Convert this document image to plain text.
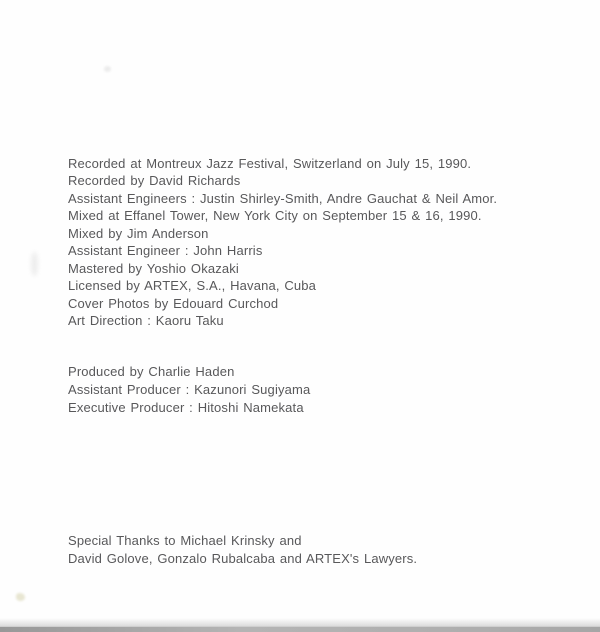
Recorded at Montreux Jazz Festival, Switzerland on July 15, 1990.

Recorded by David Richards

Assistant Engineers : Justin Shirley-Smith, Andre Gauchat & Neil Amor.

Mixed at Effanel Tower, New York City on September 15 & 16, 1990.

Mixed by Jim Anderson

Assistant Engineer : John Harris

Mastered by Yoshio Okazaki

Licensed by ARTEX, S.A., Havana, Cuba

Cover Photos by Edouard Curchod

Art Direction : Kaoru Taku

Produced by Charlie Haden

Assistant Producer : Kazunori Sugiyama

Executive Producer : Hitoshi Namekata

Special Thanks to Michael Krinsky and

David Golove, Gonzalo Rubalcaba and ARTEX's Lawyers.
